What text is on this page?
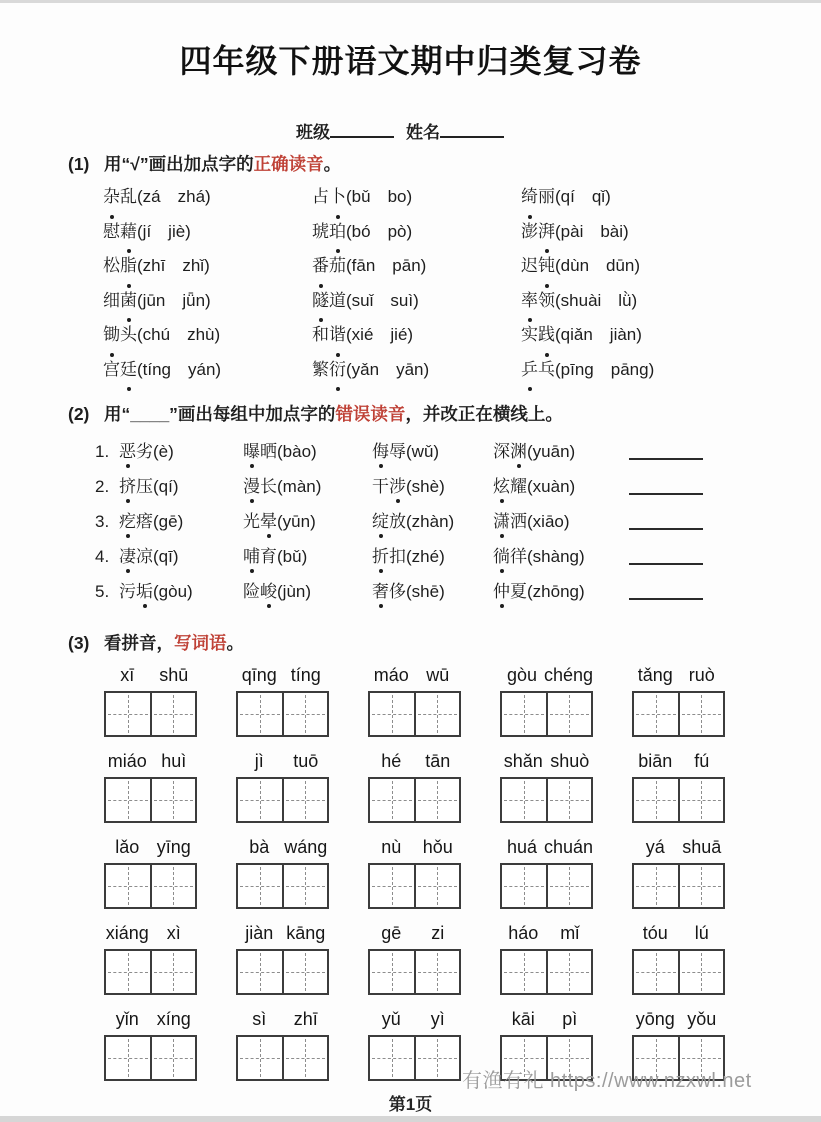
四年级下册语文期中归类复习卷
班级	姓名
(1) 用“√”画出加点字的正确读音。
杂乱(zá　zhá)	占卜(bǔ　bo)	绮丽(qí　qǐ)
慰藉(jí　jiè)	琥珀(bó　pò)	澎湃(pài　bài)
松脂(zhī　zhǐ)	番茄(fān　pān)	迟钝(dùn　dūn)
细菌(jūn　jǖn)	隧道(suǐ　suì)	率领(shuài　lǜ)
锄头(chú　zhù)	和谐(xié　jié)	实践(qiǎn　jiàn)
宫廷(tíng　yán)	繁衍(yǎn　yān)	乒乓(pīng　pāng)
(2) 用“____”画出每组中加点字的错误读音，并改正在横线上。
1. 恶劣(è)	曝晒(bào)	侮辱(wǔ)	深渊(yuān)
2. 挤压(qí)	漫长(màn)	干涉(shè)	炫耀(xuàn)
3. 疙瘩(gē)	光晕(yūn)	绽放(zhàn)	潇洒(xiāo)
4. 凄凉(qī)	哺育(bǔ)	折扣(zhé)	徜徉(shàng)
5. 污垢(gòu)	险峻(jùn)	奢侈(shē)	仲夏(zhōng)
(3) 看拼音，写词语。
xī	shū	qīng tíng	máo wū	gòu chéng	tǎng ruò
miáo huì	jì	tuō	hé	tān	shǎn shuò	biān	fú
lǎo yīng	bà wáng	nù	hǒu	huá chuán	yá shuā
xiáng xì	jiàn kāng	gē	zi	háo	mǐ	tóu	lú
yǐn xíng	sì	zhī	yǔ	yì	kāi	pì	yōng yǒu
有渔有礼 https://www.nzxwl.net
第1页
